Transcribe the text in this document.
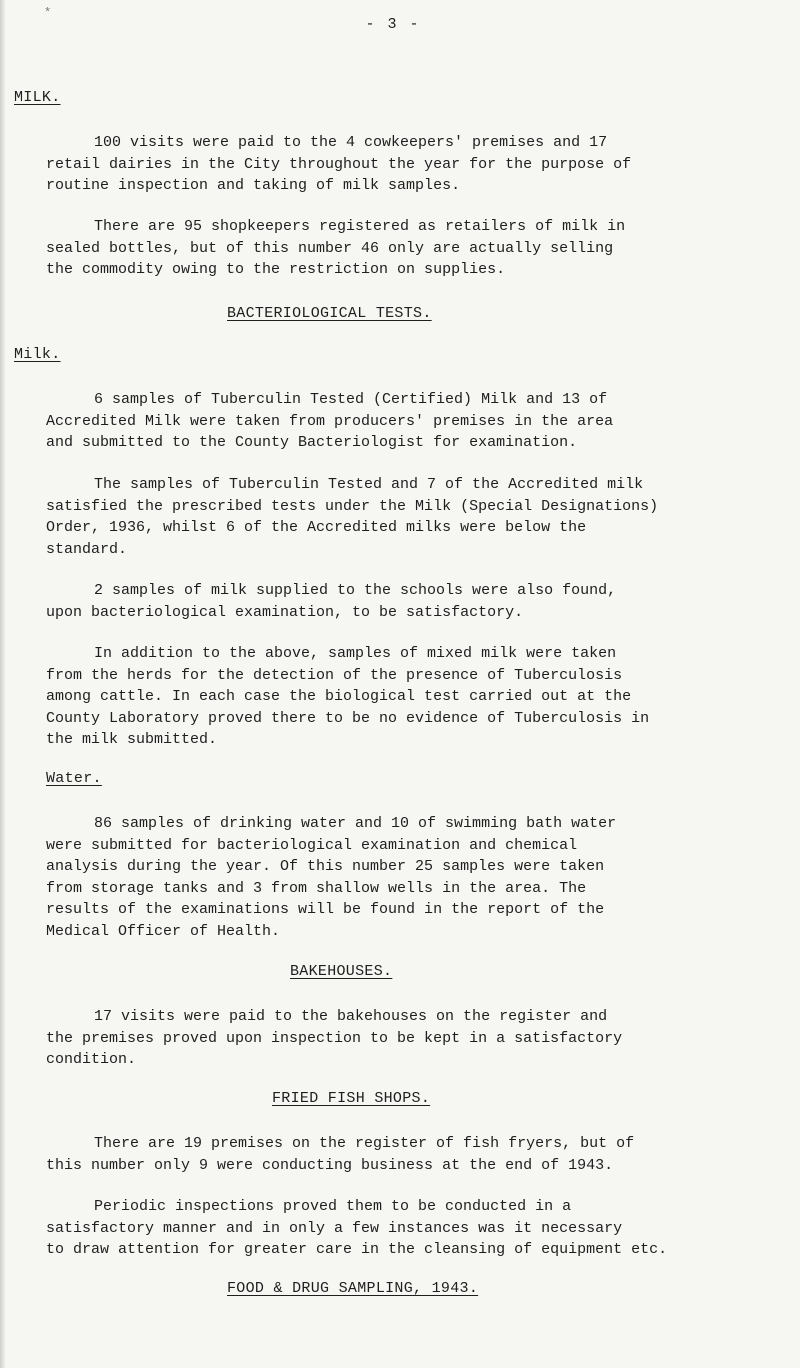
*
- 3 -
MILK.

100 visits were paid to the 4 cowkeepers' premises and 17
retail dairies in the City throughout the year for the purpose of
routine inspection and taking of milk samples.

There are 95 shopkeepers registered as retailers of milk in
sealed bottles, but of this number 46 only are actually selling
the commodity owing to the restriction on supplies.

BACTERIOLOGICAL TESTS.
Milk.

6 samples of Tuberculin Tested (Certified) Milk and 13 of
Accredited Milk were taken from producers' premises in the area
and submitted to the County Bacteriologist for examination.

The samples of Tuberculin Tested and 7 of the Accredited milk
satisfied the prescribed tests under the Milk (Special Designations)
Order, 1936, whilst 6 of the Accredited milks were below the
standard.

2 samples of milk supplied to the schools were also found,
upon bacteriological examination, to be satisfactory.

In addition to the above, samples of mixed milk were taken
from the herds for the detection of the presence of Tuberculosis
among cattle. In each case the biological test carried out at the
County Laboratory proved there to be no evidence of Tuberculosis in
the milk submitted.

Water.

86 samples of drinking water and 10 of swimming bath water
were submitted for bacteriological examination and chemical
analysis during the year. Of this number 25 samples were taken
from storage tanks and 3 from shallow wells in the area. The
results of the examinations will be found in the report of the
Medical Officer of Health.

BAKEHOUSES.

17 visits were paid to the bakehouses on the register and
the premises proved upon inspection to be kept in a satisfactory
condition.

FRIED FISH SHOPS.

There are 19 premises on the register of fish fryers, but of
this number only 9 were conducting business at the end of 1943.

Periodic inspections proved them to be conducted in a
satisfactory manner and in only a few instances was it necessary
to draw attention for greater care in the cleansing of equipment etc.

FOOD & DRUG SAMPLING, 1943.
